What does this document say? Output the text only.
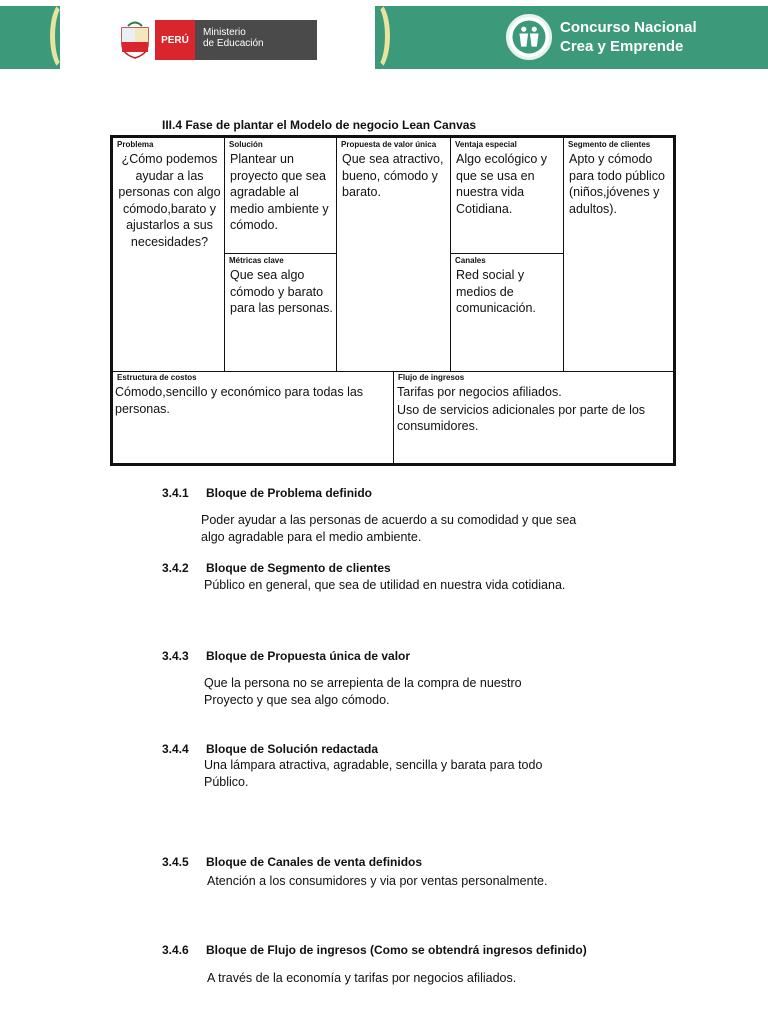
PERÚ
Ministerio
de Educación
Concurso Nacional
Crea y Emprende
III.4 Fase de plantar el Modelo de negocio Lean Canvas
Problema
¿Cómo podemos ayudar a las personas con algo cómodo,barato y ajustarlos a sus necesidades?
Solución
Plantear un proyecto que sea agradable al medio ambiente y cómodo.
Métricas clave
Que sea algo cómodo y barato para las personas.
Propuesta de valor única
Que sea atractivo, bueno, cómodo y barato.
Ventaja especial
Algo ecológico y que se usa en nuestra vida Cotidiana.
Canales
Red social y medios de comunicación.
Segmento de clientes
Apto y cómodo para todo público (niños,jóvenes y adultos).
Estructura de costos
Cómodo,sencillo y económico para todas las personas.
Flujo de ingresos
Tarifas por negocios afiliados.
Uso de servicios adicionales por parte de los consumidores.
3.4.1 Bloque de Problema definido
Poder ayudar a las personas de acuerdo a su comodidad y que sea algo agradable para el medio ambiente.
3.4.2 Bloque de Segmento de clientes
Público en general, que sea de utilidad en nuestra vida cotidiana.
3.4.3 Bloque de Propuesta única de valor
Que la persona no se arrepienta de la compra de nuestro Proyecto y que sea algo cómodo.
3.4.4 Bloque de Solución redactada
Una lámpara atractiva, agradable, sencilla y barata para todo Público.
3.4.5 Bloque de Canales de venta definidos
Atención a los consumidores y via por ventas personalmente.
3.4.6 Bloque de Flujo de ingresos (Como se obtendrá ingresos definido)
A través de la economía y tarifas por negocios afiliados.
